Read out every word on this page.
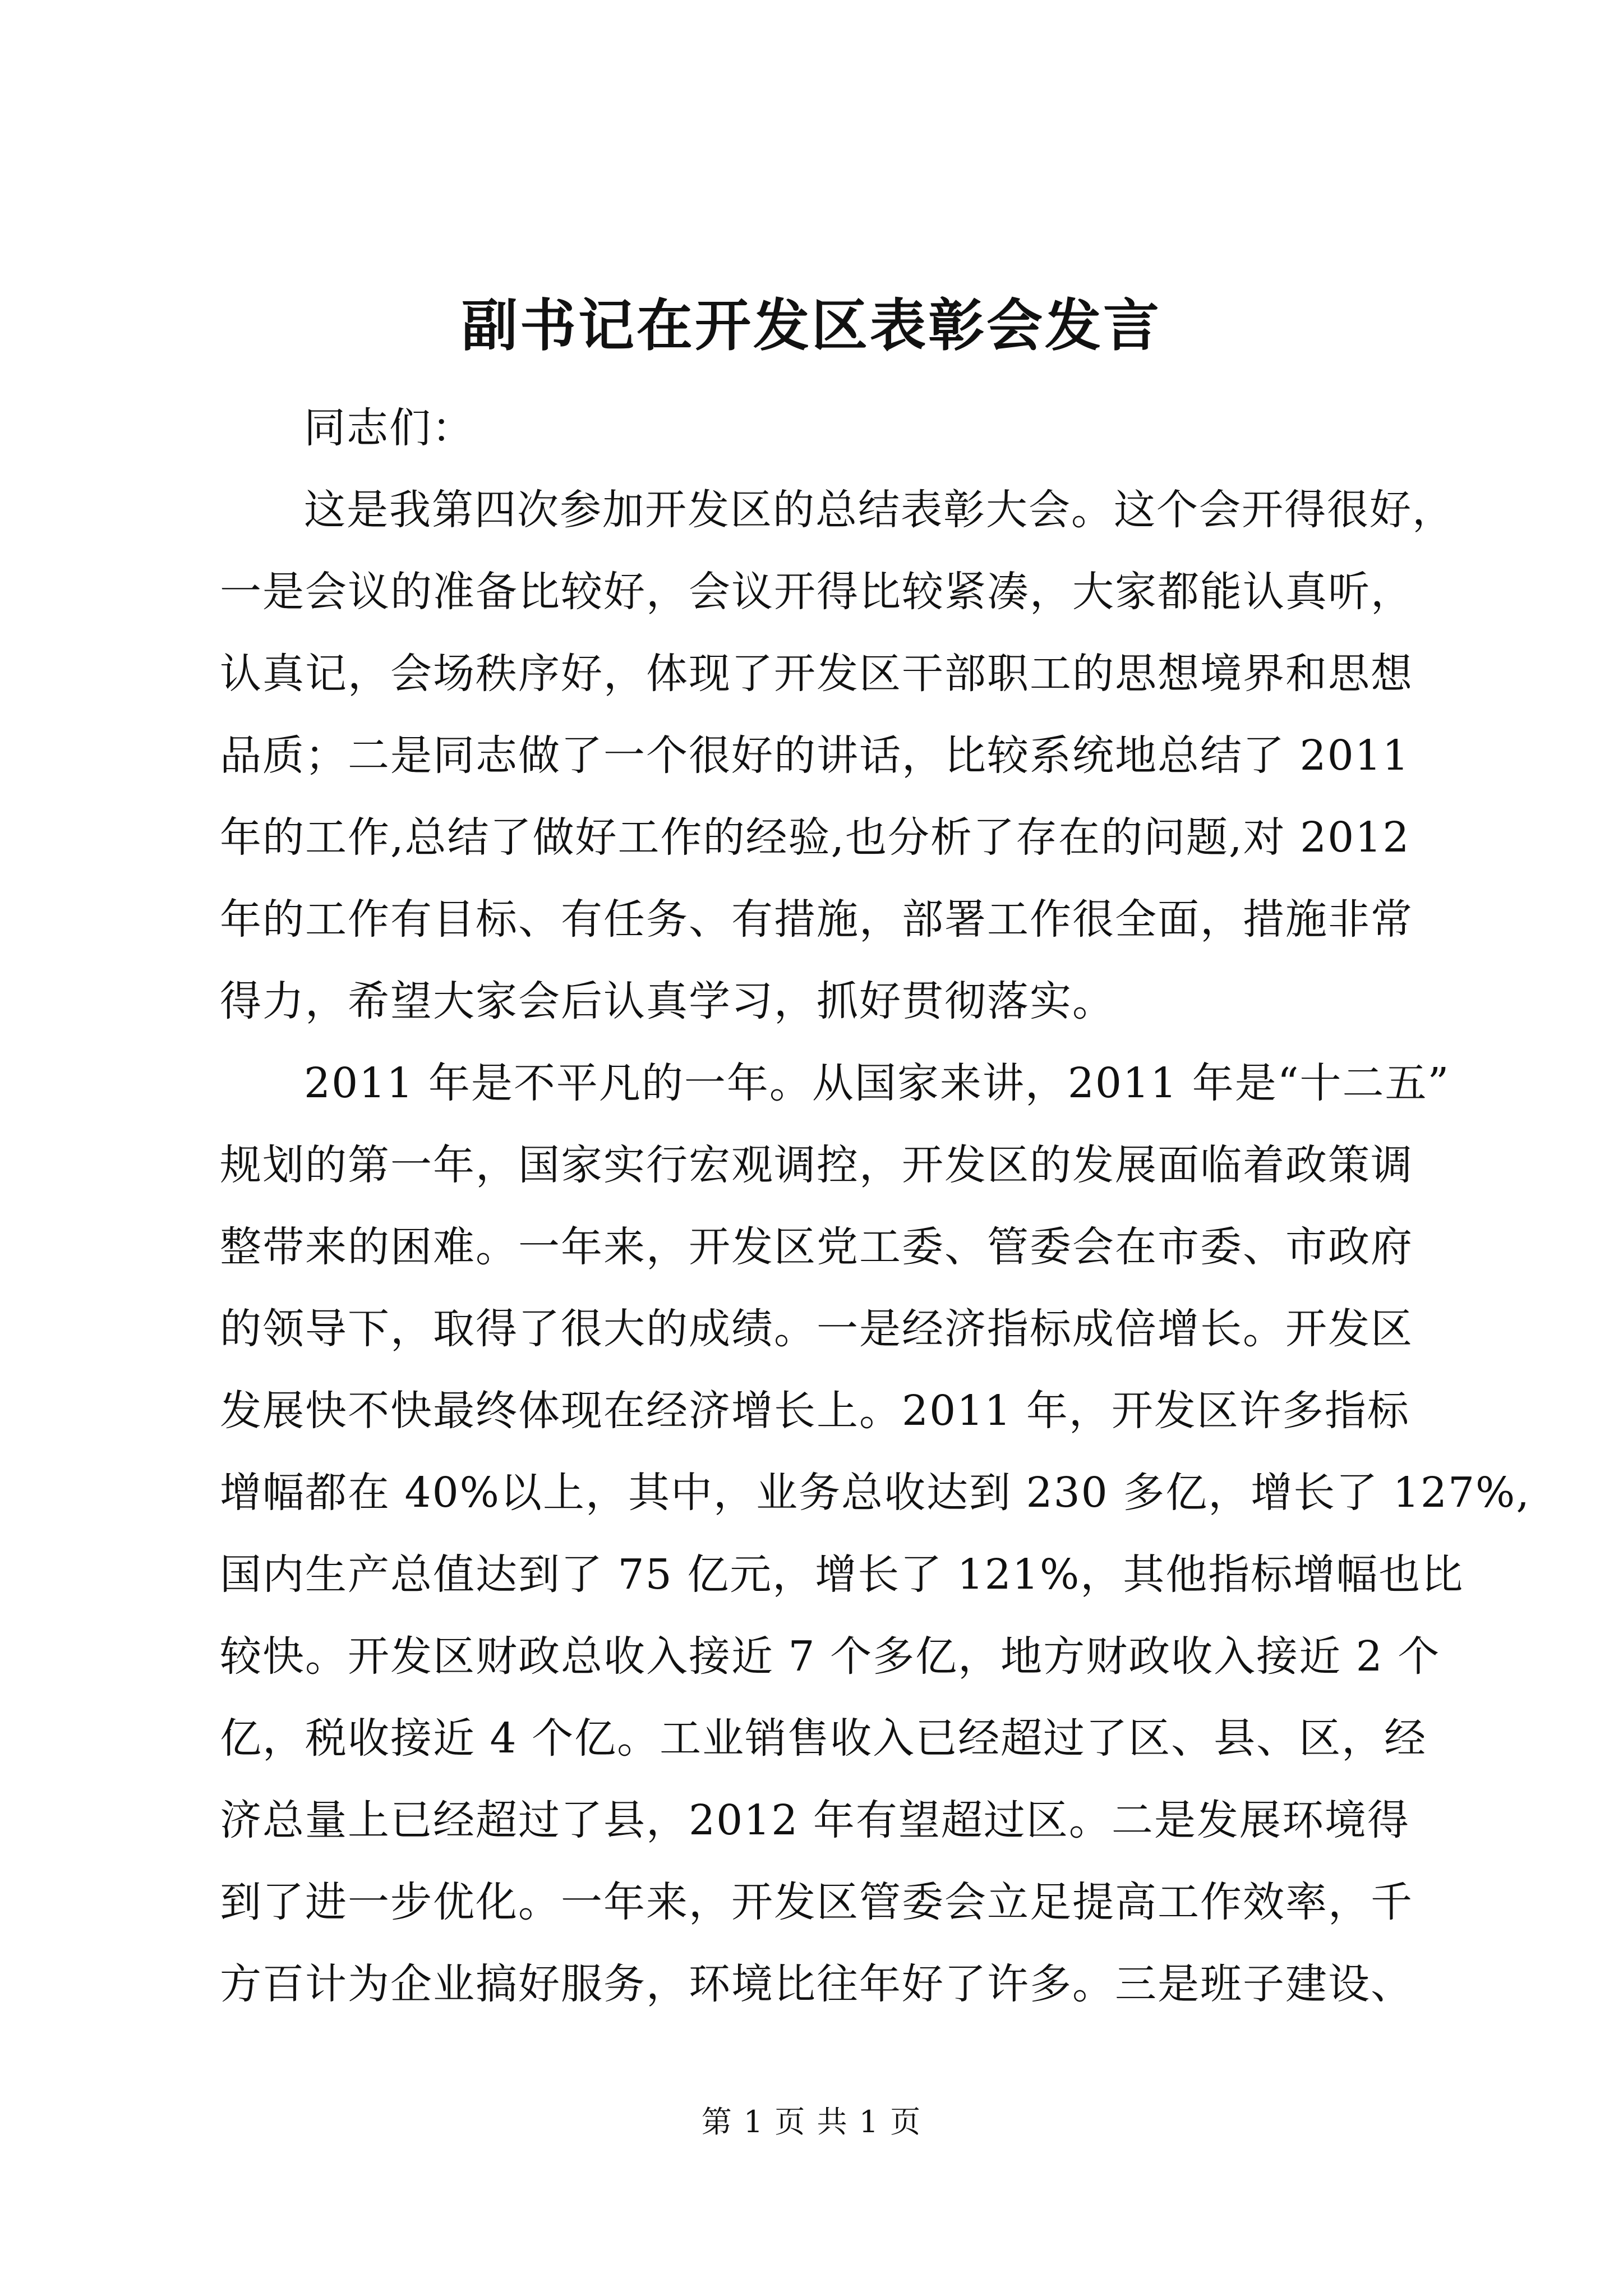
副书记在开发区表彰会发言
同志们：
这是我第四次参加开发区的总结表彰大会。这个会开得很好，
一是会议的准备比较好，会议开得比较紧凑，大家都能认真听，
认真记，会场秩序好，体现了开发区干部职工的思想境界和思想
品质；二是同志做了一个很好的讲话，比较系统地总结了 2011
年的工作,总结了做好工作的经验,也分析了存在的问题,对 2012
年的工作有目标、有任务、有措施，部署工作很全面，措施非常
得力，希望大家会后认真学习，抓好贯彻落实。
2011 年是不平凡的一年。从国家来讲，2011 年是“十二五”
规划的第一年，国家实行宏观调控，开发区的发展面临着政策调
整带来的困难。一年来，开发区党工委、管委会在市委、市政府
的领导下，取得了很大的成绩。一是经济指标成倍增长。开发区
发展快不快最终体现在经济增长上。2011 年，开发区许多指标
增幅都在 40%以上，其中，业务总收达到 230 多亿，增长了 127%,
国内生产总值达到了 75 亿元，增长了 121%，其他指标增幅也比
较快。开发区财政总收入接近 7 个多亿，地方财政收入接近 2 个
亿，税收接近 4 个亿。工业销售收入已经超过了区、县、区，经
济总量上已经超过了县，2012 年有望超过区。二是发展环境得
到了进一步优化。一年来，开发区管委会立足提高工作效率，千
方百计为企业搞好服务，环境比往年好了许多。三是班子建设、
第 1 页 共 1 页
